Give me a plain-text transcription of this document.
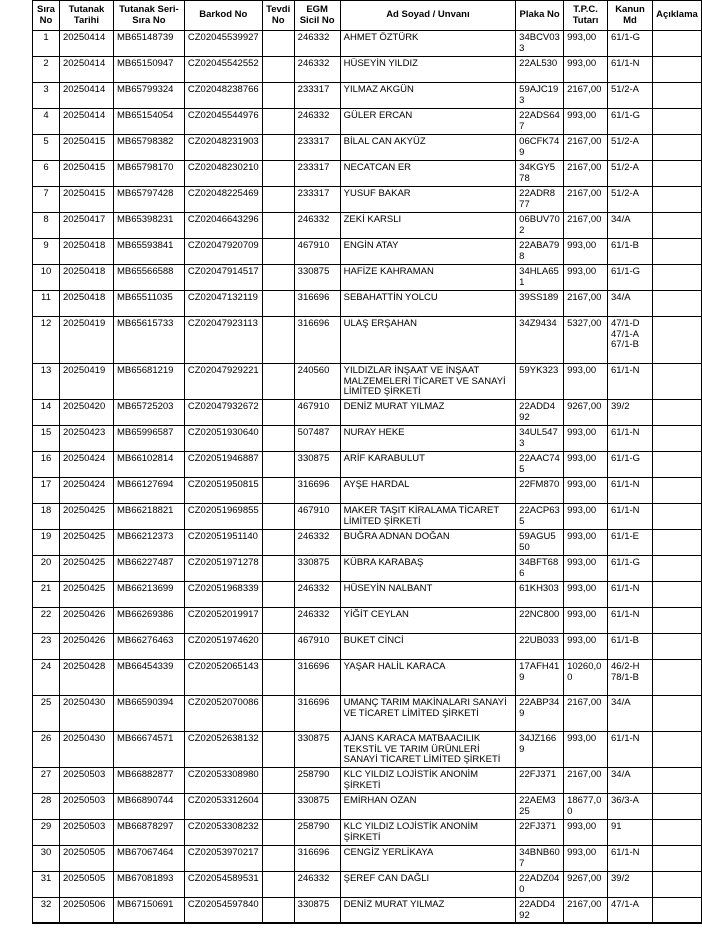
Sıra No	Tutanak Tarihi	Tutanak Seri-Sıra No	Barkod No	Tevdi No	EGM Sicil No	Ad Soyad / Unvanı	Plaka No	T.P.C. Tutarı	Kanun Md	Açıklama
1	20250414	MB65148739	CZ02045539927		246332	AHMET ÖZTÜRK	34BCV033	993,00	61/1-G	
2	20250414	MB65150947	CZ02045542552		246332	HÜSEYİN YILDIZ	22AL530	993,00	61/1-N	
3	20250414	MB65799324	CZ02048238766		233317	YILMAZ AKGÜN	59AJC193	2167,00	51/2-A	
4	20250414	MB65154054	CZ02045544976		246332	GÜLER ERCAN	22ADS647	993,00	61/1-G	
5	20250415	MB65798382	CZ02048231903		233317	BİLAL CAN AKYÜZ	06CFK749	2167,00	51/2-A	
6	20250415	MB65798170	CZ02048230210		233317	NECATCAN ER	34KGY578	2167,00	51/2-A	
7	20250415	MB65797428	CZ02048225469		233317	YUSUF BAKAR	22ADR877	2167,00	51/2-A	
8	20250417	MB65398231	CZ02046643296		246332	ZEKİ KARSLI	06BUV702	2167,00	34/A	
9	20250418	MB65593841	CZ02047920709		467910	ENGİN ATAY	22ABA798	993,00	61/1-B	
10	20250418	MB65566588	CZ02047914517		330875	HAFİZE KAHRAMAN	34HLA651	993,00	61/1-G	
11	20250418	MB65511035	CZ02047132119		316696	SEBAHATTİN YOLCU	39SS189	2167,00	34/A	
12	20250419	MB65615733	CZ02047923113		316696	ULAŞ ERŞAHAN	34Z9434	5327,00	47/1-D
47/1-A
67/1-B	
13	20250419	MB65681219	CZ02047929221		240560	YILDIZLAR İNŞAAT VE İNŞAAT MALZEMELERİ TİCARET VE SANAYİ LİMİTED ŞİRKETİ	59YK323	993,00	61/1-N	
14	20250420	MB65725203	CZ02047932672		467910	DENİZ MURAT YILMAZ	22ADD492	9267,00	39/2	
15	20250423	MB65996587	CZ02051930640		507487	NURAY HEKE	34UL5473	993,00	61/1-N	
16	20250424	MB66102814	CZ02051946887		330875	ARİF KARABULUT	22AAC745	993,00	61/1-G	
17	20250424	MB66127694	CZ02051950815		316696	AYŞE HARDAL	22FM870	993,00	61/1-N	
18	20250425	MB66218821	CZ02051969855		467910	MAKER TAŞIT KİRALAMA TİCARET LİMİTED ŞİRKETİ	22ACP635	993,00	61/1-N	
19	20250425	MB66212373	CZ02051951140		246332	BUĞRA ADNAN DOĞAN	59AGU550	993,00	61/1-E	
20	20250425	MB66227487	CZ02051971278		330875	KÜBRA KARABAŞ	34BFT686	993,00	61/1-G	
21	20250425	MB66213699	CZ02051968339		246332	HÜSEYİN NALBANT	61KH303	993,00	61/1-N	
22	20250426	MB66269386	CZ02052019917		246332	YİĞİT CEYLAN	22NC800	993,00	61/1-N	
23	20250426	MB66276463	CZ02051974620		467910	BUKET CİNCİ	22UB033	993,00	61/1-B	
24	20250428	MB66454339	CZ02052065143		316696	YAŞAR HALİL KARACA	17AFH419	10260,00	46/2-H
78/1-B	
25	20250430	MB66590394	CZ02052070086		316696	UMANÇ TARIM MAKİNALARI SANAYİ VE TİCARET LİMİTED ŞİRKETİ	22ABP349	2167,00	34/A	
26	20250430	MB66674571	CZ02052638132		330875	AJANS KARACA MATBAACILIK TEKSTİL VE TARIM ÜRÜNLERİ SANAYİ TİCARET LİMİTED ŞİRKETİ	34JZ1669	993,00	61/1-N	
27	20250503	MB66882877	CZ02053308980		258790	KLC YILDIZ LOJİSTİK ANONİM ŞİRKETİ	22FJ371	2167,00	34/A	
28	20250503	MB66890744	CZ02053312604		330875	EMİRHAN OZAN	22AEM325	18677,00	36/3-A	
29	20250503	MB66878297	CZ02053308232		258790	KLC YILDIZ LOJİSTİK ANONİM ŞİRKETİ	22FJ371	993,00	91	
30	20250505	MB67067464	CZ02053970217		316696	CENGİZ YERLİKAYA	34BNB607	993,00	61/1-N	
31	20250505	MB67081893	CZ02054589531		246332	ŞEREF CAN DAĞLI	22ADZ040	9267,00	39/2	
32	20250506	MB67150691	CZ02054597840		330875	DENİZ MURAT YILMAZ	22ADD492	2167,00	47/1-A	
